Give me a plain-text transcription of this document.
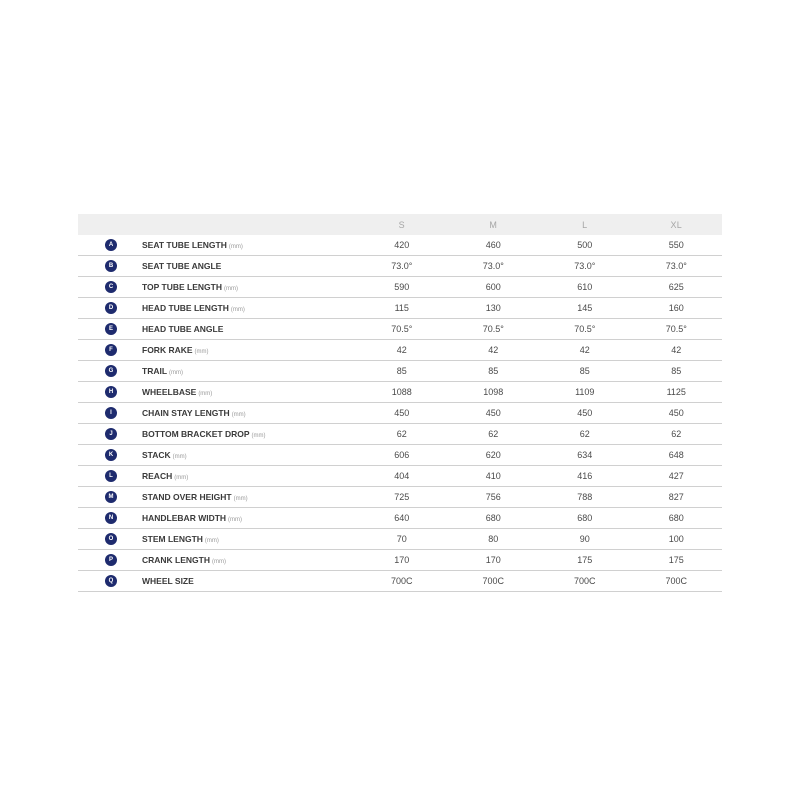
		S	M	L	XL
A	SEAT TUBE LENGTH (mm)	420	460	500	550
B	SEAT TUBE ANGLE	73.0°	73.0°	73.0°	73.0°
C	TOP TUBE LENGTH (mm)	590	600	610	625
D	HEAD TUBE LENGTH (mm)	115	130	145	160
E	HEAD TUBE ANGLE	70.5°	70.5°	70.5°	70.5°
F	FORK RAKE (mm)	42	42	42	42
G	TRAIL (mm)	85	85	85	85
H	WHEELBASE (mm)	1088	1098	1109	1125
I	CHAIN STAY LENGTH (mm)	450	450	450	450
J	BOTTOM BRACKET DROP (mm)	62	62	62	62
K	STACK (mm)	606	620	634	648
L	REACH (mm)	404	410	416	427
M	STAND OVER HEIGHT (mm)	725	756	788	827
N	HANDLEBAR WIDTH (mm)	640	680	680	680
O	STEM LENGTH (mm)	70	80	90	100
P	CRANK LENGTH (mm)	170	170	175	175
Q	WHEEL SIZE	700C	700C	700C	700C
